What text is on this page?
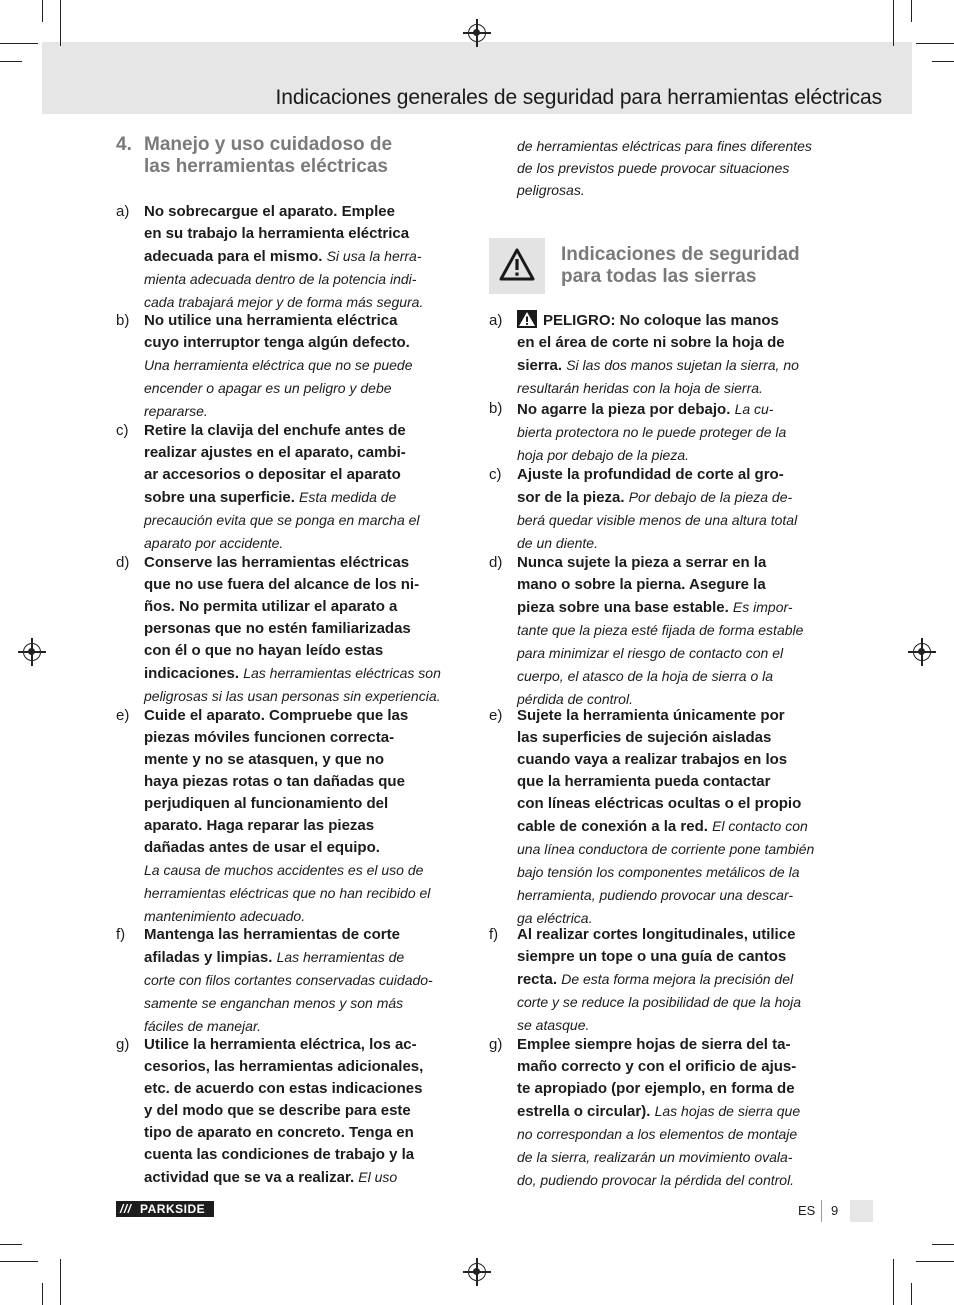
Indicaciones generales de seguridad para herramientas eléctricas
4. Manejo y uso cuidadoso de
las herramientas eléctricas
a) No sobrecargue el aparato. Emplee
en su trabajo la herramienta eléctrica
adecuada para el mismo. Si usa la herra-
mienta adecuada dentro de la potencia indi-
cada trabajará mejor y de forma más segura.
b) No utilice una herramienta eléctrica
cuyo interruptor tenga algún defecto.
Una herramienta eléctrica que no se puede
encender o apagar es un peligro y debe
repararse.
c) Retire la clavija del enchufe antes de
realizar ajustes en el aparato, cambi-
ar accesorios o depositar el aparato
sobre una superficie. Esta medida de
precaución evita que se ponga en marcha el
aparato por accidente.
d) Conserve las herramientas eléctricas
que no use fuera del alcance de los ni-
ños. No permita utilizar el aparato a
personas que no estén familiarizadas
con él o que no hayan leído estas
indicaciones. Las herramientas eléctricas son
peligrosas si las usan personas sin experiencia.
e) Cuide el aparato. Compruebe que las
piezas móviles funcionen correcta-
mente y no se atasquen, y que no
haya piezas rotas o tan dañadas que
perjudiquen al funcionamiento del
aparato. Haga reparar las piezas
dañadas antes de usar el equipo.
La causa de muchos accidentes es el uso de
herramientas eléctricas que no han recibido el
mantenimiento adecuado.
f) Mantenga las herramientas de corte
afiladas y limpias. Las herramientas de
corte con filos cortantes conservadas cuidado-
samente se enganchan menos y son más
fáciles de manejar.
g) Utilice la herramienta eléctrica, los ac-
cesorios, las herramientas adicionales,
etc. de acuerdo con estas indicaciones
y del modo que se describe para este
tipo de aparato en concreto. Tenga en
cuenta las condiciones de trabajo y la
actividad que se va a realizar. El uso
de herramientas eléctricas para fines diferentes
de los previstos puede provocar situaciones
peligrosas.
Indicaciones de seguridad
para todas las sierras
a)	PELIGRO: No coloque las manos
en el área de corte ni sobre la hoja de
sierra. Si las dos manos sujetan la sierra, no
resultarán heridas con la hoja de sierra.
b) No agarre la pieza por debajo. La cu-
bierta protectora no le puede proteger de la
hoja por debajo de la pieza.
c) Ajuste la profundidad de corte al gro-
sor de la pieza. Por debajo de la pieza de-
berá quedar visible menos de una altura total
de un diente.
d) Nunca sujete la pieza a serrar en la
mano o sobre la pierna. Asegure la
pieza sobre una base estable. Es impor-
tante que la pieza esté fijada de forma estable
para minimizar el riesgo de contacto con el
cuerpo, el atasco de la hoja de sierra o la
pérdida de control.
e) Sujete la herramienta únicamente por
las superficies de sujeción aisladas
cuando vaya a realizar trabajos en los
que la herramienta pueda contactar
con líneas eléctricas ocultas o el propio
cable de conexión a la red. El contacto con
una línea conductora de corriente pone también
bajo tensión los componentes metálicos de la
herramienta, pudiendo provocar una descar-
ga eléctrica.
f) Al realizar cortes longitudinales, utilice
siempre un tope o una guía de cantos
recta. De esta forma mejora la precisión del
corte y se reduce la posibilidad de que la hoja
se atasque.
g) Emplee siempre hojas de sierra del ta-
maño correcto y con el orificio de ajus-
te apropiado (por ejemplo, en forma de
estrella o circular). Las hojas de sierra que
no correspondan a los elementos de montaje
de la sierra, realizarán un movimiento ovala-
do, pudiendo provocar la pérdida del control.
/// PARKSIDE	ES 9
